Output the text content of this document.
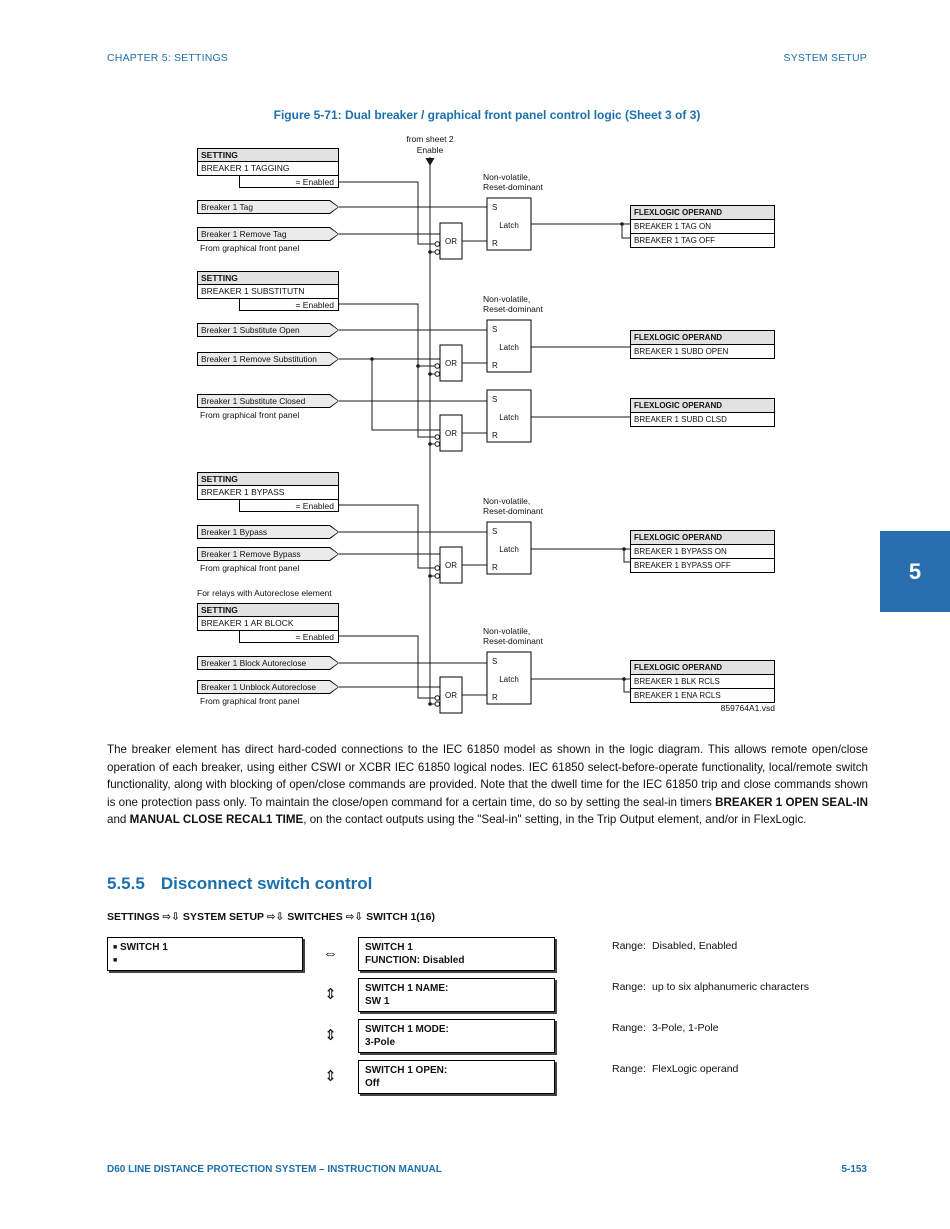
CHAPTER 5: SETTINGS	SYSTEM SETUP
Figure 5-71: Dual breaker / graphical front panel control logic (Sheet 3 of 3)
OR
OR
OR
OR
OR
S
Latch
R
S
Latch
R
S
Latch
R
S
Latch
R
S
Latch
R
from sheet 2
Enable
SETTING
BREAKER 1 TAGGING
= Enabled
SETTING
BREAKER 1 SUBSTITUTN
= Enabled
SETTING
BREAKER 1 BYPASS
= Enabled
For relays with Autoreclose element
SETTING
BREAKER 1 AR BLOCK
= Enabled
Breaker 1 Tag
Breaker 1 Remove Tag
From graphical front panel
Breaker 1 Substitute Open
Breaker 1 Remove Substitution
Breaker 1 Substitute Closed
From graphical front panel
Breaker 1 Bypass
Breaker 1 Remove Bypass
From graphical front panel
Breaker 1 Block Autoreclose
Breaker 1 Unblock Autoreclose
From graphical front panel
Non-volatile,
Reset-dominant
Non-volatile,
Reset-dominant
Non-volatile,
Reset-dominant
Non-volatile,
Reset-dominant
FLEXLOGIC OPERAND
BREAKER 1 TAG ON
BREAKER 1 TAG OFF
FLEXLOGIC OPERAND
BREAKER 1 SUBD OPEN
FLEXLOGIC OPERAND
BREAKER 1 SUBD CLSD
FLEXLOGIC OPERAND
BREAKER 1 BYPASS ON
BREAKER 1 BYPASS OFF
FLEXLOGIC OPERAND
BREAKER 1 BLK RCLS
BREAKER 1 ENA RCLS
859764A1.vsd
5
The breaker element has direct hard-coded connections to the IEC 61850 model as shown in the logic diagram. This allows remote open/close operation of each breaker, using either CSWI or XCBR IEC 61850 logical nodes. IEC 61850 select-before-operate functionality, local/remote switch functionality, along with blocking of open/close commands are provided. Note that the dwell time for the IEC 61850 trip and close commands shown is one protection pass only. To maintain the close/open command for a certain time, do so by setting the seal-in timers BREAKER 1 OPEN SEAL-IN and MANUAL CLOSE RECAL1 TIME, on the contact outputs using the "Seal-in" setting, in the Trip Output element, and/or in FlexLogic.
5.5.5 Disconnect switch control
SETTINGS ⇨⇩ SYSTEM SETUP ⇨⇩ SWITCHES ⇨⇩ SWITCH 1(16)
■ SWITCH 1
■	⇔	SWITCH 1
FUNCTION: Disabled
Range: Disabled, Enabled
⇕	SWITCH 1 NAME:
SW 1
Range: up to six alphanumeric characters
⇕	SWITCH 1 MODE:
3-Pole
Range: 3-Pole, 1-Pole
⇕	SWITCH 1 OPEN:
Off
Range: FlexLogic operand
D60 LINE DISTANCE PROTECTION SYSTEM – INSTRUCTION MANUAL	5-153
